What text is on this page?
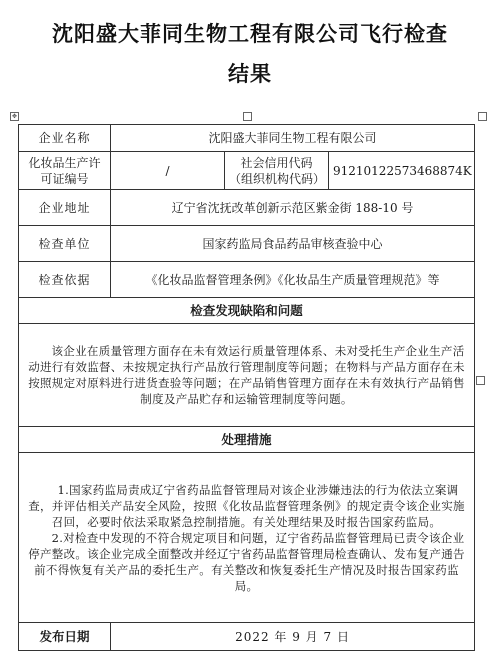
沈阳盛大菲同生物工程有限公司飞行检查
结果
✥
企业名称	沈阳盛大菲同生物工程有限公司		
化妆品生产许可证编号	/	社会信用代码（组织机构代码）	91210122573468874K
企业地址	辽宁省沈抚改革创新示范区紫金街 188-10 号		
检查单位	国家药监局食品药品审核查验中心		
检查依据	《化妆品监督管理条例》《化妆品生产质量管理规范》等		
检查发现缺陷和问题			

该企业在质量管理方面存在未有效运行质量管理体系、未对受托生产企业生产活动进行有效监督、未按规定执行产品放行管理制度等问题；在物料与产品方面存在未按照规定对原料进行进货查验等问题；在产品销售管理方面存在未有效执行产品销售制度及产品贮存和运输管理制度等问题。			

处理措施			

1.国家药监局责成辽宁省药品监督管理局对该企业涉嫌违法的行为依法立案调查，并评估相关产品安全风险，按照《化妆品监督管理条例》的规定责令该企业实施召回，必要时依法采取紧急控制措施。有关处理结果及时报告国家药监局。

2.对检查中发现的不符合规定项目和问题，辽宁省药品监督管理局已责令该企业停产整改。该企业完成全面整改并经辽宁省药品监督管理局检查确认、发布复产通告前不得恢复有关产品的委托生产。有关整改和恢复委托生产情况及时报告国家药监局。			

发布日期	2022 年 9 月 7 日		
